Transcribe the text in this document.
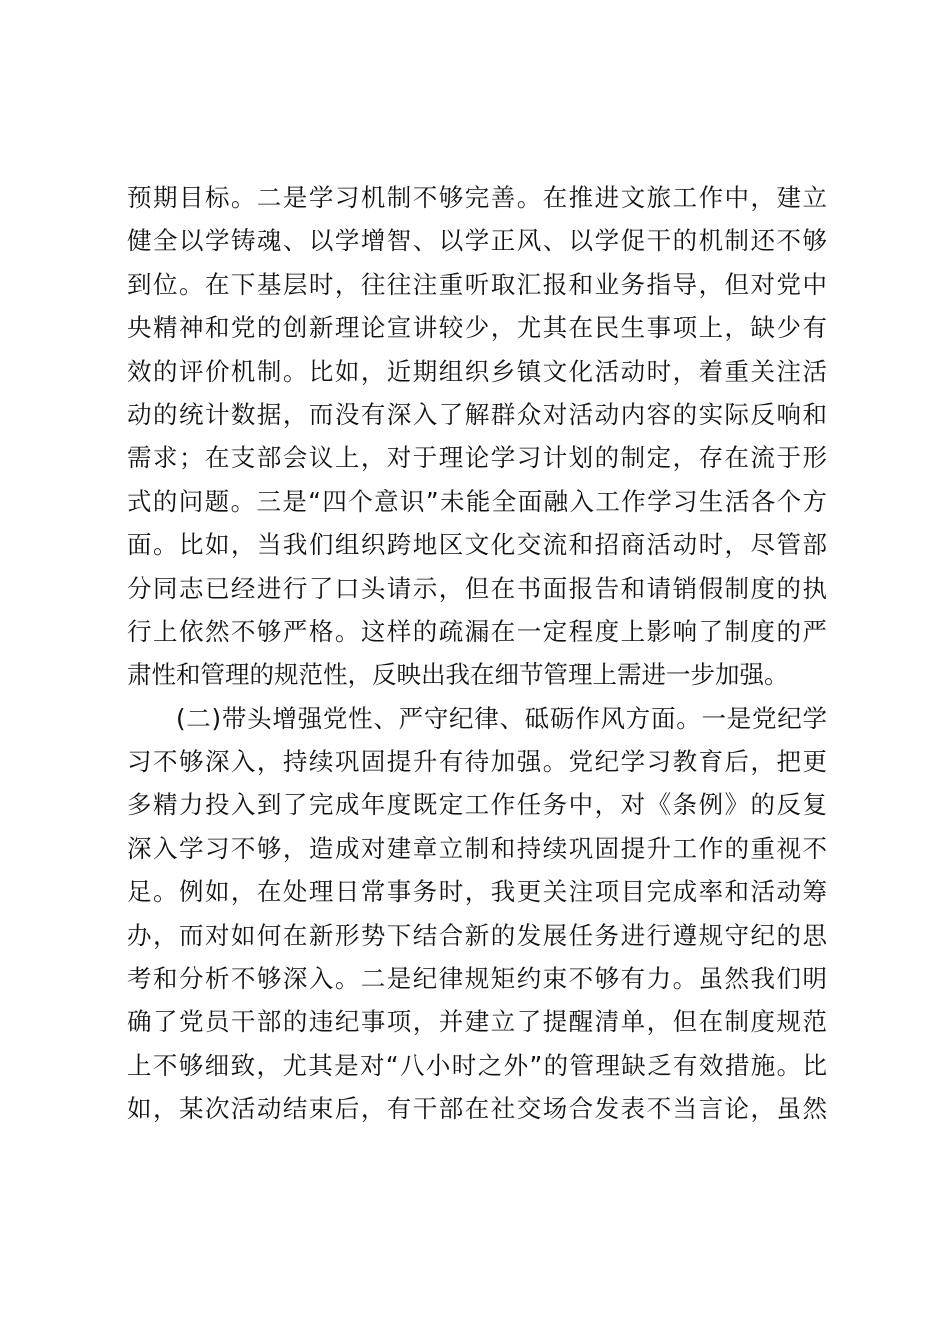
预期目标。二是学习机制不够完善。在推进文旅工作中，建立
健全以学铸魂、以学增智、以学正风、以学促干的机制还不够
到位。在下基层时，往往注重听取汇报和业务指导，但对党中
央精神和党的创新理论宣讲较少，尤其在民生事项上，缺少有
效的评价机制。比如，近期组织乡镇文化活动时，着重关注活
动的统计数据，而没有深入了解群众对活动内容的实际反响和
需求；在支部会议上，对于理论学习计划的制定，存在流于形
式的问题。三是“四个意识”未能全面融入工作学习生活各个方
面。比如，当我们组织跨地区文化交流和招商活动时，尽管部
分同志已经进行了口头请示，但在书面报告和请销假制度的执
行上依然不够严格。这样的疏漏在一定程度上影响了制度的严
肃性和管理的规范性，反映出我在细节管理上需进一步加强。
(二)带头增强党性、严守纪律、砥砺作风方面。一是党纪学
习不够深入，持续巩固提升有待加强。党纪学习教育后，把更
多精力投入到了完成年度既定工作任务中，对《条例》的反复
深入学习不够，造成对建章立制和持续巩固提升工作的重视不
足。例如，在处理日常事务时，我更关注项目完成率和活动筹
办，而对如何在新形势下结合新的发展任务进行遵规守纪的思
考和分析不够深入。二是纪律规矩约束不够有力。虽然我们明
确了党员干部的违纪事项，并建立了提醒清单，但在制度规范
上不够细致，尤其是对“八小时之外”的管理缺乏有效措施。比
如，某次活动结束后，有干部在社交场合发表不当言论，虽然
